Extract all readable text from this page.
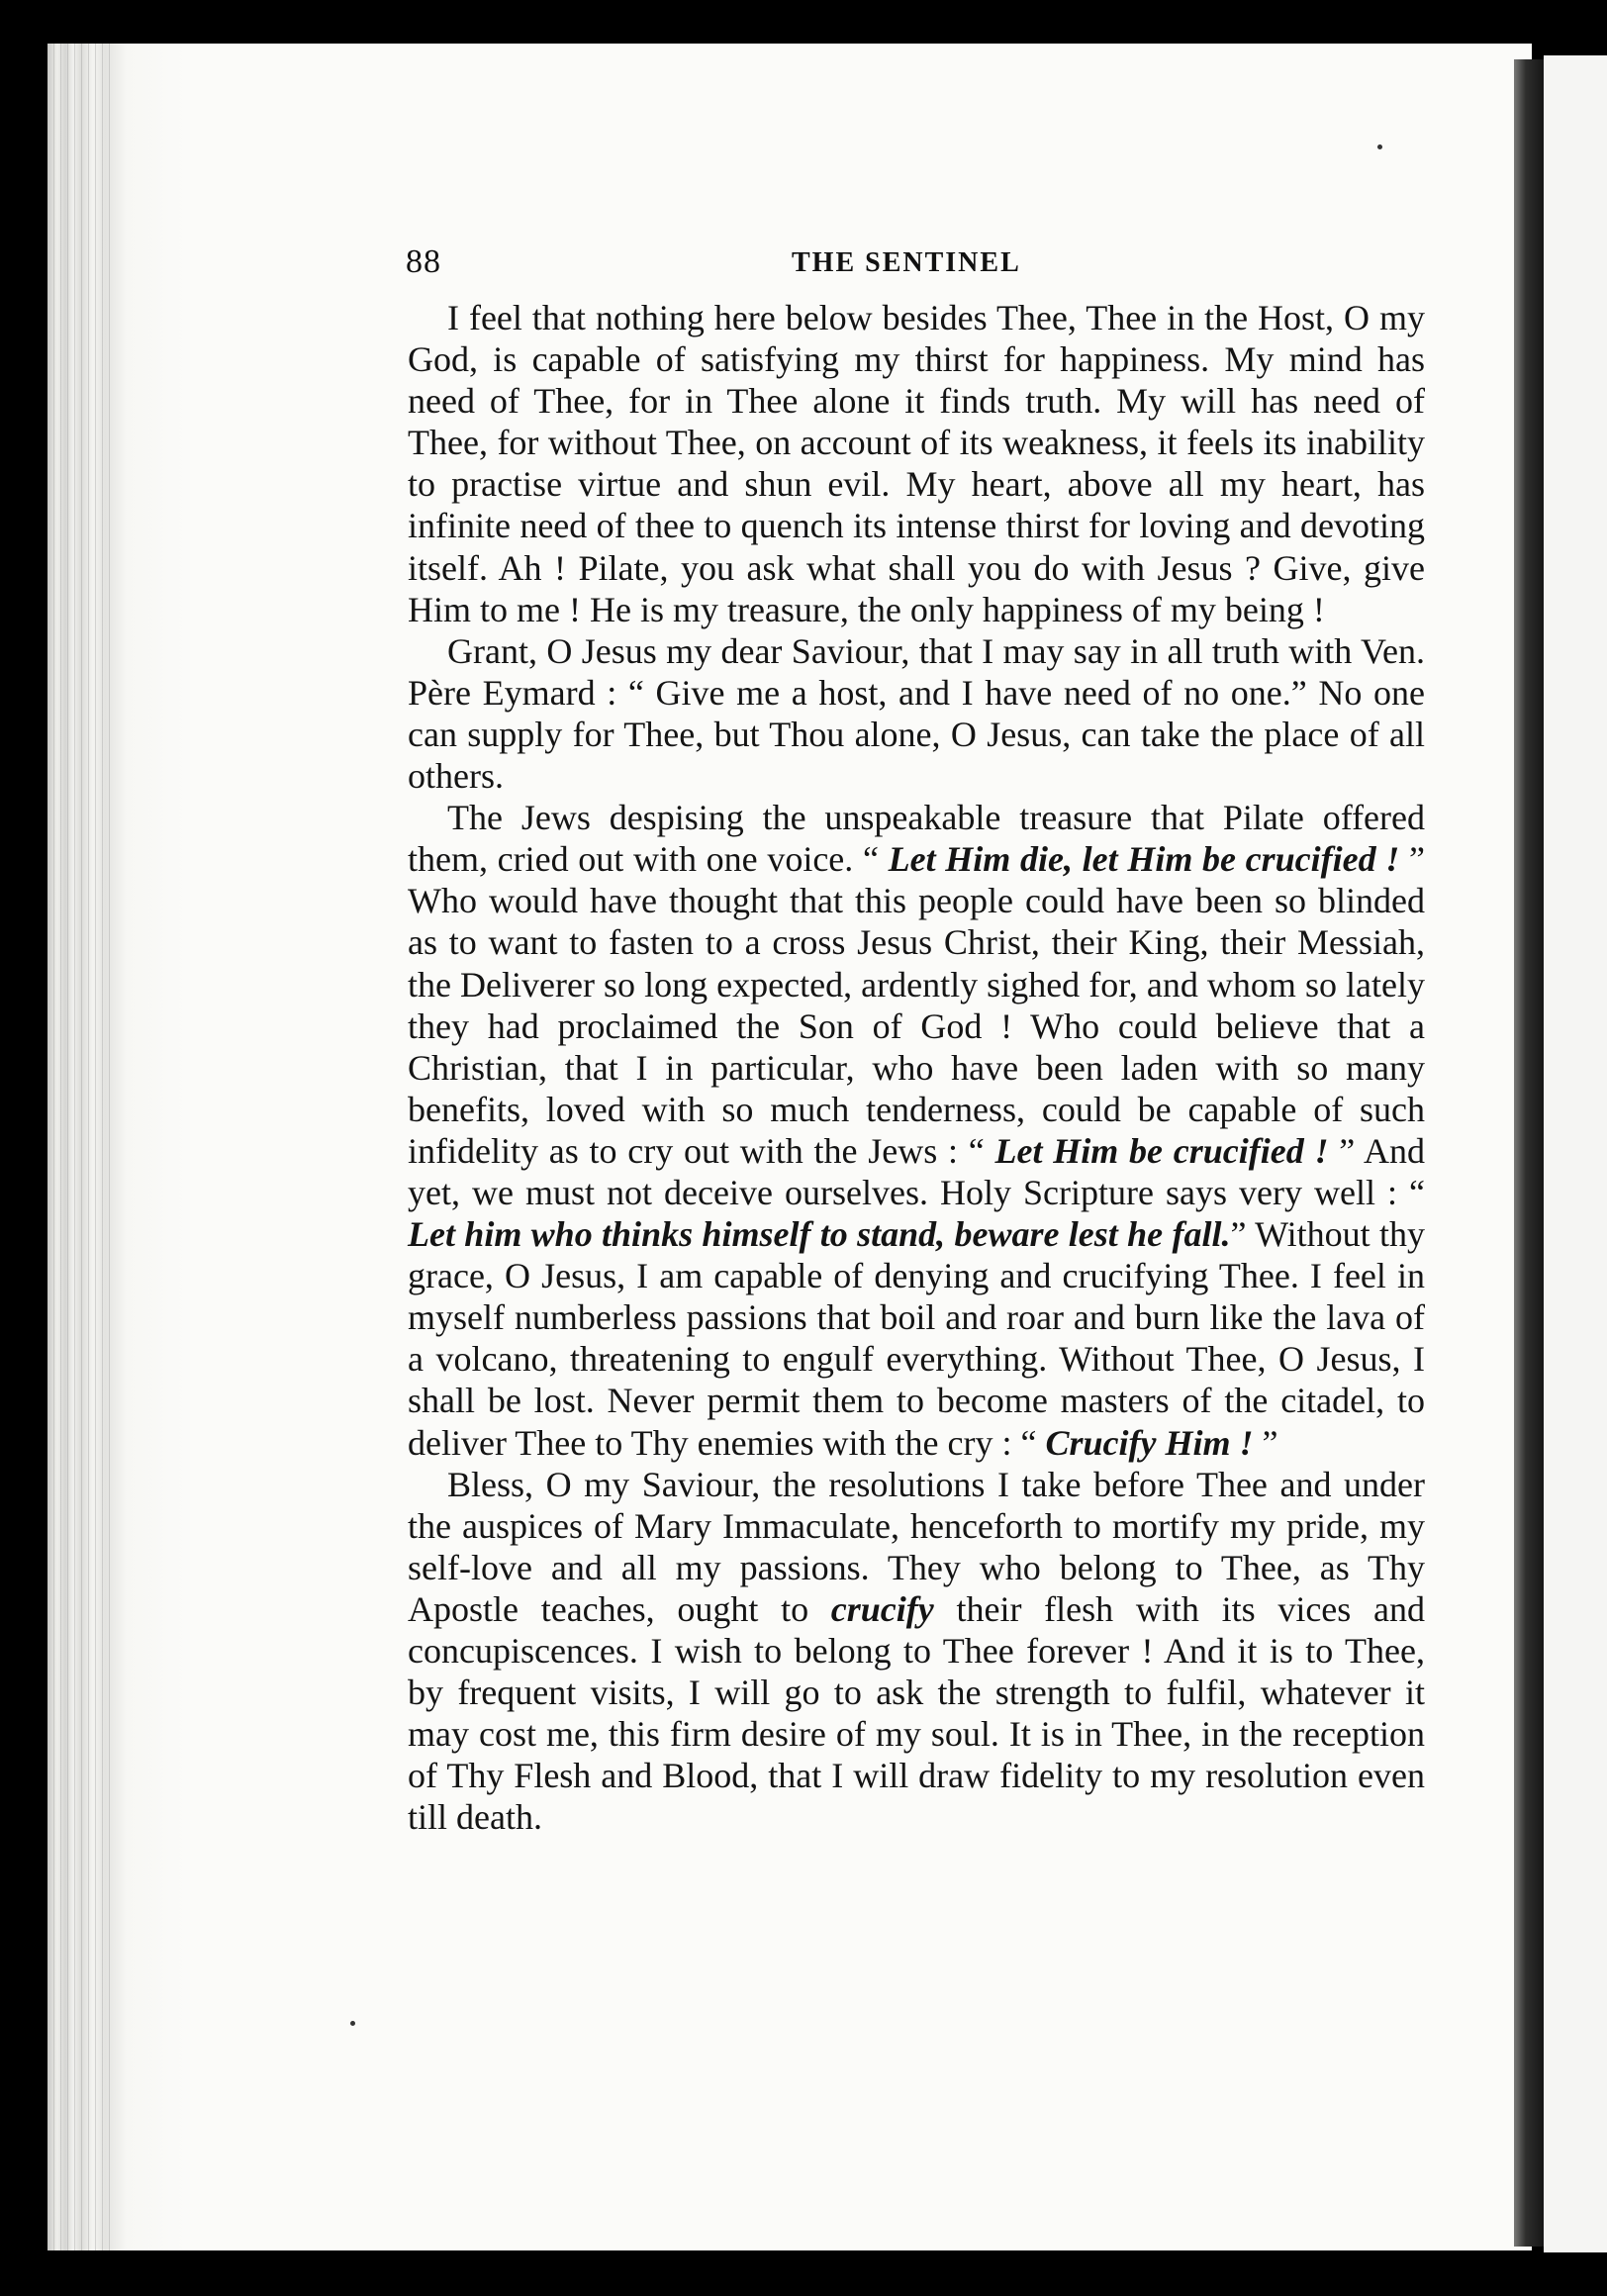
88	THE SENTINEL

I feel that nothing here below besides Thee, Thee in the Host, O my God, is capable of satisfying my thirst for happiness. My mind has need of Thee, for in Thee alone it finds truth. My will has need of Thee, for without Thee, on account of its weakness, it feels its inability to practise virtue and shun evil. My heart, above all my heart, has infinite need of thee to quench its intense thirst for loving and devoting itself. Ah ! Pilate, you ask what shall you do with Jesus ? Give, give Him to me ! He is my treasure, the only happiness of my being !

Grant, O Jesus my dear Saviour, that I may say in all truth with Ven. Père Eymard : “ Give me a host, and I have need of no one.” No one can supply for Thee, but Thou alone, O Jesus, can take the place of all others.

The Jews despising the unspeakable treasure that Pilate offered them, cried out with one voice. “ Let Him die, let Him be crucified ! ” Who would have thought that this people could have been so blinded as to want to fasten to a cross Jesus Christ, their King, their Messiah, the Deliverer so long expected, ardently sighed for, and whom so lately they had proclaimed the Son of God ! Who could believe that a Christian, that I in particular, who have been laden with so many benefits, loved with so much tenderness, could be capable of such infidelity as to cry out with the Jews : “ Let Him be crucified ! ” And yet, we must not deceive ourselves. Holy Scripture says very well : “ Let him who thinks himself to stand, beware lest he fall.” Without thy grace, O Jesus, I am capable of denying and crucifying Thee. I feel in myself numberless passions that boil and roar and burn like the lava of a volcano, threatening to engulf everything. Without Thee, O Jesus, I shall be lost. Never permit them to become masters of the citadel, to deliver Thee to Thy enemies with the cry : “ Crucify Him ! ”

Bless, O my Saviour, the resolutions I take before Thee and under the auspices of Mary Immaculate, henceforth to mortify my pride, my self-love and all my passions. They who belong to Thee, as Thy Apostle teaches, ought to crucify their flesh with its vices and concupiscences. I wish to belong to Thee forever ! And it is to Thee, by frequent visits, I will go to ask the strength to fulfil, whatever it may cost me, this firm desire of my soul. It is in Thee, in the reception of Thy Flesh and Blood, that I will draw fidelity to my resolution even till death.
